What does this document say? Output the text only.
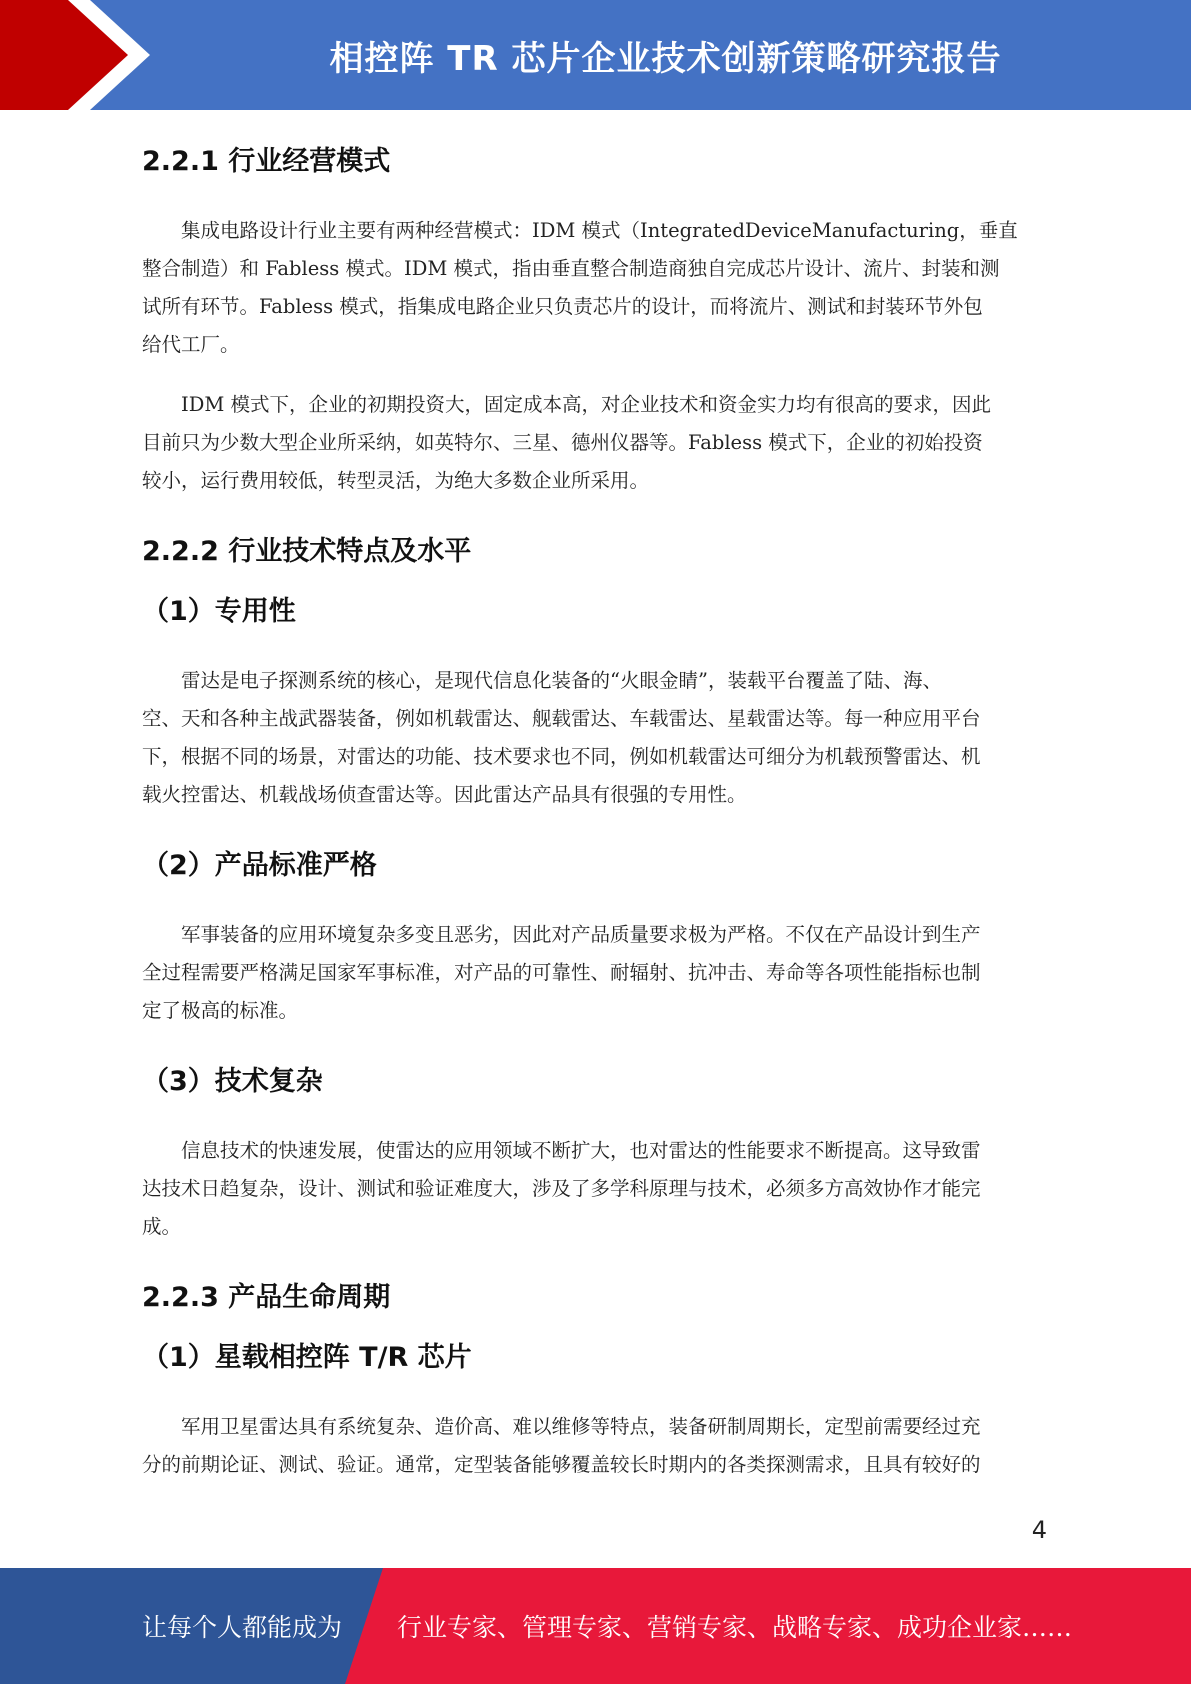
相控阵 TR 芯片企业技术创新策略研究报告
2.2.1 行业经营模式

集成电路设计行业主要有两种经营模式：IDM 模式（IntegratedDeviceManufacturing，垂直
整合制造）和 Fabless 模式。IDM 模式，指由垂直整合制造商独自完成芯片设计、流片、封装和测
试所有环节。Fabless 模式，指集成电路企业只负责芯片的设计，而将流片、测试和封装环节外包
给代工厂。

IDM 模式下，企业的初期投资大，固定成本高，对企业技术和资金实力均有很高的要求，因此
目前只为少数大型企业所采纳，如英特尔、三星、德州仪器等。Fabless 模式下，企业的初始投资
较小，运行费用较低，转型灵活，为绝大多数企业所采用。

2.2.2 行业技术特点及水平
（1）专用性

雷达是电子探测系统的核心，是现代信息化装备的“火眼金睛”，装载平台覆盖了陆、海、
空、天和各种主战武器装备，例如机载雷达、舰载雷达、车载雷达、星载雷达等。每一种应用平台
下，根据不同的场景，对雷达的功能、技术要求也不同，例如机载雷达可细分为机载预警雷达、机
载火控雷达、机载战场侦查雷达等。因此雷达产品具有很强的专用性。

（2）产品标准严格

军事装备的应用环境复杂多变且恶劣，因此对产品质量要求极为严格。不仅在产品设计到生产
全过程需要严格满足国家军事标准，对产品的可靠性、耐辐射、抗冲击、寿命等各项性能指标也制
定了极高的标准。

（3）技术复杂

信息技术的快速发展，使雷达的应用领域不断扩大，也对雷达的性能要求不断提高。这导致雷
达技术日趋复杂，设计、测试和验证难度大，涉及了多学科原理与技术，必须多方高效协作才能完
成。

2.2.3 产品生命周期
（1）星载相控阵 T/R 芯片

军用卫星雷达具有系统复杂、造价高、难以维修等特点，装备研制周期长，定型前需要经过充
分的前期论证、测试、验证。通常，定型装备能够覆盖较长时期内的各类探测需求，且具有较好的

4
让每个人都能成为 行业专家、管理专家、营销专家、战略专家、成功企业家……
